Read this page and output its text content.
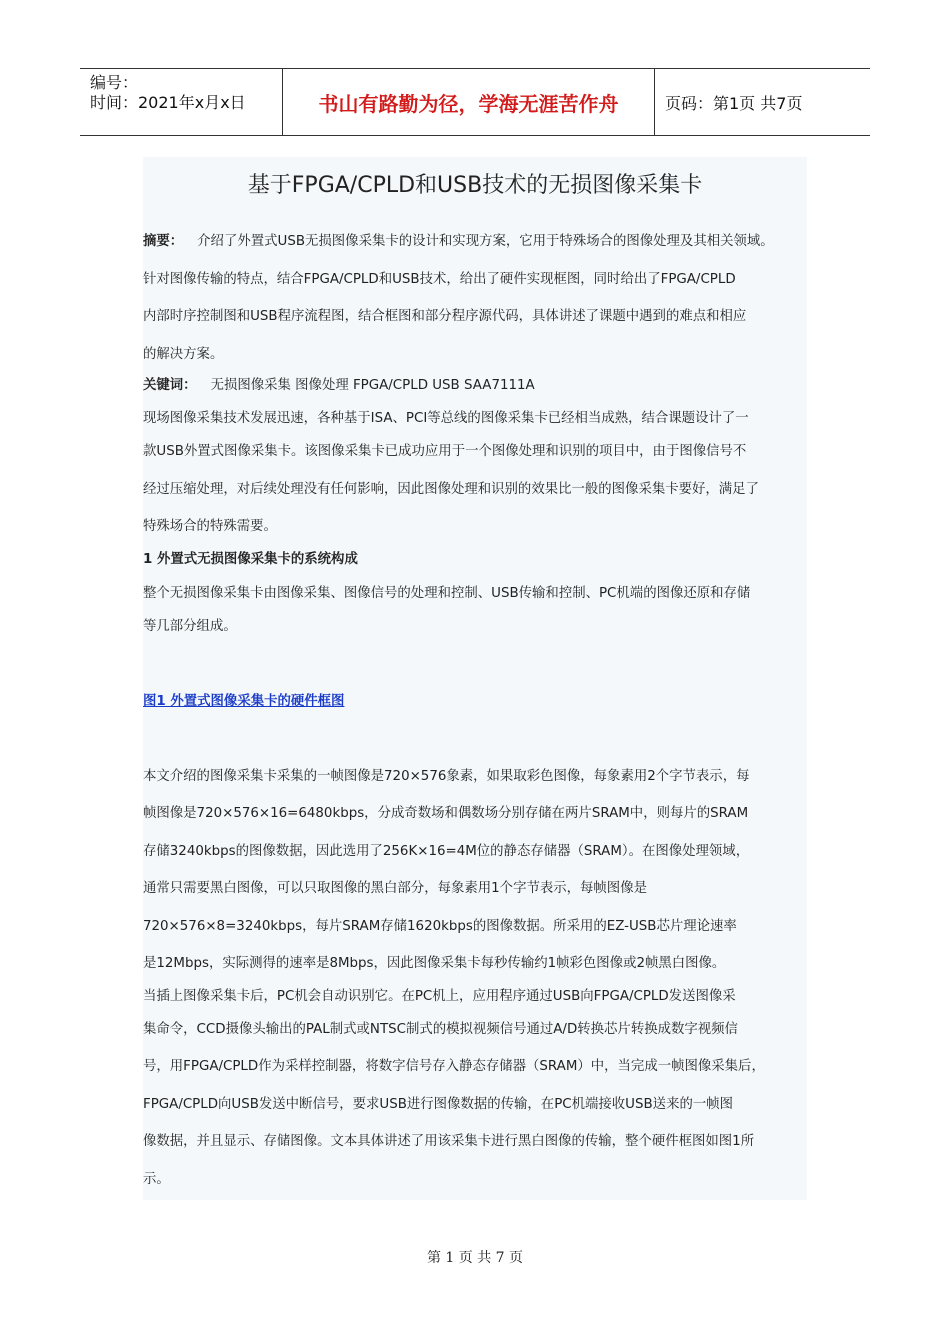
编号：
时间：2021年x月x日	书山有路勤为径，学海无涯苦作舟	页码：第1页 共7页
基于FPGA/CPLD和USB技术的无损图像采集卡

摘要： 介绍了外置式USB无损图像采集卡的设计和实现方案，它用于特殊场合的图像处理及其相关领域。

针对图像传输的特点，结合FPGA/CPLD和USB技术，给出了硬件实现框图，同时给出了FPGA/CPLD

内部时序控制图和USB程序流程图，结合框图和部分程序源代码，具体讲述了课题中遇到的难点和相应

的解决方案。

关键词： 无损图像采集 图像处理 FPGA/CPLD USB SAA7111A

现场图像采集技术发展迅速，各种基于ISA、PCI等总线的图像采集卡已经相当成熟，结合课题设计了一

款USB外置式图像采集卡。该图像采集卡已成功应用于一个图像处理和识别的项目中，由于图像信号不

经过压缩处理，对后续处理没有任何影响，因此图像处理和识别的效果比一般的图像采集卡要好，满足了

特殊场合的特殊需要。

1 外置式无损图像采集卡的系统构成

整个无损图像采集卡由图像采集、图像信号的处理和控制、USB传输和控制、PC机端的图像还原和存储

等几部分组成。

图1 外置式图像采集卡的硬件框图

本文介绍的图像采集卡采集的一帧图像是720×576象素，如果取彩色图像，每象素用2个字节表示，每

帧图像是720×576×16=6480kbps，分成奇数场和偶数场分别存储在两片SRAM中，则每片的SRAM

存储3240kbps的图像数据，因此选用了256K×16=4M位的静态存储器（SRAM）。在图像处理领域，

通常只需要黑白图像，可以只取图像的黑白部分，每象素用1个字节表示，每帧图像是

720×576×8=3240kbps，每片SRAM存储1620kbps的图像数据。所采用的EZ-USB芯片理论速率

是12Mbps，实际测得的速率是8Mbps，因此图像采集卡每秒传输约1帧彩色图像或2帧黑白图像。

当插上图像采集卡后，PC机会自动识别它。在PC机上，应用程序通过USB向FPGA/CPLD发送图像采

集命令，CCD摄像头输出的PAL制式或NTSC制式的模拟视频信号通过A/D转换芯片转换成数字视频信

号，用FPGA/CPLD作为采样控制器，将数字信号存入静态存储器（SRAM）中，当完成一帧图像采集后，

FPGA/CPLD向USB发送中断信号，要求USB进行图像数据的传输，在PC机端接收USB送来的一帧图

像数据，并且显示、存储图像。文本具体讲述了用该采集卡进行黑白图像的传输，整个硬件框图如图1所

示。

第 1 页 共 7 页
